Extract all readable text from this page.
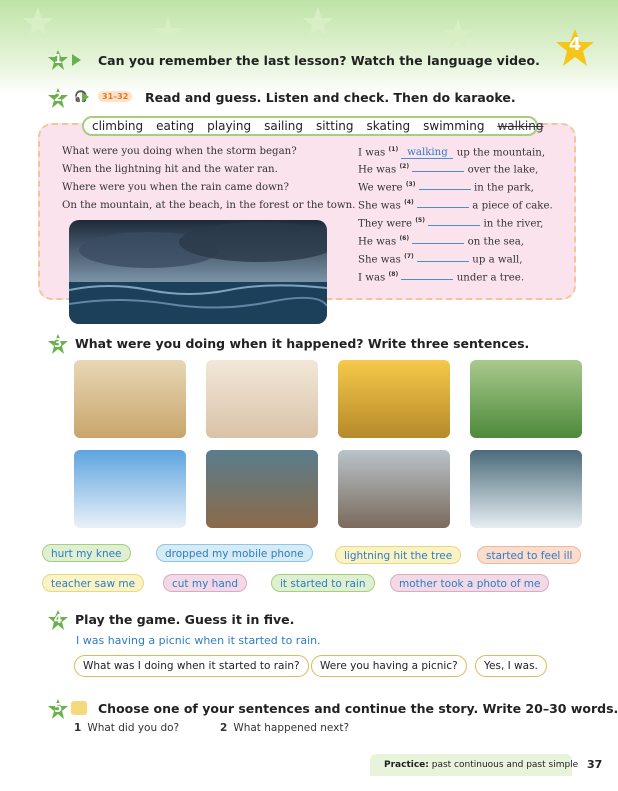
★ ★	★	★	4
1	Can you remember the last lesson? Watch the language video.
2	🎧	31–32	Read and guess. Listen and check. Then do karaoke.
climbing eating playing sailing sitting skating swimming walking
What were you doing when the storm began?
When the lightning hit and the water ran.
Where were you when the rain came down?
On the mountain, at the beach, in the forest or the town.
I was $^{(1)}$ walking up the mountain,
He was $^{(2)}$	over the lake,
We were $^{(3)}$	in the park,
She was $^{(4)}$	a piece of cake.
They were $^{(5)}$	in the river,
He was $^{(6)}$	on the sea,
She was $^{(7)}$	up a wall,
I was $^{(8)}$	under a tree.
3	What were you doing when it happened? Write three sentences.
hurt my knee	dropped my mobile phone	lightning hit the tree	started to feel ill
teacher saw me	cut my hand	it started to rain	mother took a photo of me
4	Play the game. Guess it in five.
I was having a picnic when it started to rain.
What was I doing when it started to rain?	Were you having a picnic?	Yes, I was.
5	Choose one of your sentences and continue the story. Write 20–30 words.
1 What did you do?	2 What happened next?
Practice: past continuous and past simple 37
